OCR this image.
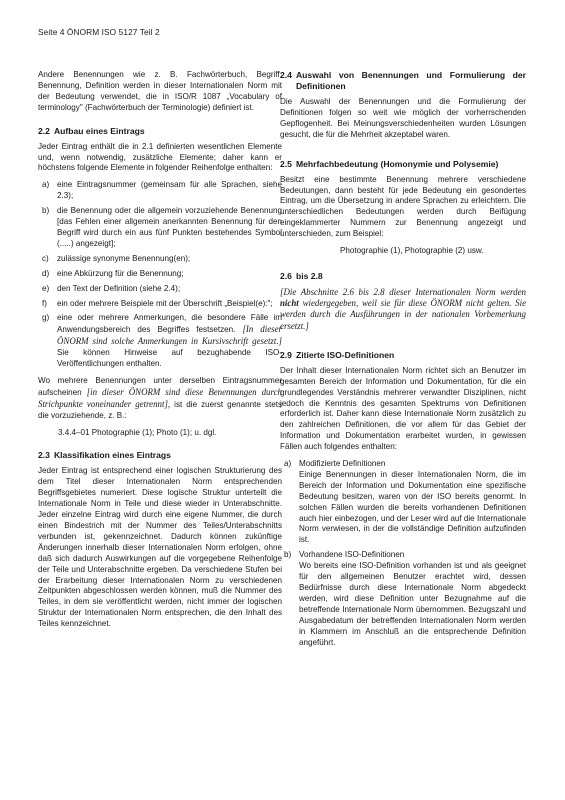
Seite 4 ÖNORM ISO 5127 Teil 2

Andere Benennungen wie z. B. Fachwörterbuch, Begriff, Benennung, Definition werden in dieser Internationalen Norm mit der Bedeutung verwendet, die in ISO/R 1087 „Vocabulary of terminology" (Fachwörterbuch der Terminologie) definiert ist.

2.2 Aufbau eines Eintrags

Jeder Eintrag enthält die in 2.1 definierten wesentlichen Elemente und, wenn notwendig, zusätzliche Elemente; daher kann er höchstens folgende Elemente in folgender Reihenfolge enthalten:

a) eine Eintragsnummer (gemeinsam für alle Sprachen, siehe 2.3);
b) die Benennung oder die allgemein vorzuziehende Benennung [das Fehlen einer allgemein anerkannten Benennung für den Begriff wird durch ein aus fünf Punkten bestehendes Symbol (.....) angezeigt];
c)	zulässige synonyme Benennung(en);
d) eine Abkürzung für die Benennung;
e) den Text der Definition (siehe 2.4);
f)	ein oder mehrere Beispiele mit der Überschrift „Beispiel(e):";
g) eine oder mehrere Anmerkungen, die besondere Fälle im Anwendungsbereich des Begriffes festsetzen. [In dieser ÖNORM sind solche Anmerkungen in Kursivschrift gesetzt.] Sie können Hinweise auf bezughabende ISO-Veröffentlichungen enthalten.

Wo mehrere Benennungen unter derselben Eintragsnummer aufscheinen [in dieser ÖNORM sind diese Benennungen durch Strichpunkte voneinander getrennt], ist die zuerst genannte stets die vorzuziehende, z. B.:

3.4.4–01 Photographie (1); Photo (1); u. dgl.
2.3 Klassifikation eines Eintrags

Jeder Eintrag ist entsprechend einer logischen Strukturierung des dem Titel dieser Internationalen Norm entsprechenden Begriffsgebietes numeriert. Diese logische Struktur unterteilt die Internationale Norm in Teile und diese wieder in Unterabschnitte. Jeder einzelne Eintrag wird durch eine eigene Nummer, die durch einen Bindestrich mit der Nummer des Teiles/Unterabschnitts verbunden ist, gekennzeichnet. Dadurch können zukünftige Änderungen innerhalb dieser Internationalen Norm erfolgen, ohne daß sich dadurch Auswirkungen auf die vorgegebene Reihenfolge der Teile und Unterabschnitte ergeben. Da verschiedene Stufen bei der Erarbeitung dieser Internationalen Norm zu verschiedenen Zeitpunkten abgeschlossen werden können, muß die Nummer des Teiles, in dem sie veröffentlicht werden, nicht immer der logischen Struktur der Internationalen Norm entsprechen, die den Inhalt des Teiles kennzeichnet.

2.4 Auswahl von Benennungen und Formulierung der Definitionen

Die Auswahl der Benennungen und die Formulierung der Definitionen folgen so weit wie möglich der vorherrschenden Gepflogenheit. Bei Meinungsverschiedenheiten wurden Lösungen gesucht, die für die Mehrheit akzeptabel waren.

2.5 Mehrfachbedeutung (Homonymie und Polysemie)

Besitzt eine bestimmte Benennung mehrere verschiedene Bedeutungen, dann besteht für jede Bedeutung ein gesondertes Eintrag, um die Übersetzung in andere Sprachen zu erleichtern. Die unterschiedlichen Bedeutungen werden durch Beifügung eingeklammerter Nummern zur Benennung angezeigt und unterschieden, zum Beispiel:

Photographie (1), Photographie (2) usw.
2.6 bis 2.8

[Die Abschnitte 2.6 bis 2.8 dieser Internationalen Norm werden nicht wiedergegeben, weil sie für diese ÖNORM nicht gelten. Sie werden durch die Ausführungen in der nationalen Vorbemerkung ersetzt.]

2.9 Zitierte ISO-Definitionen

Der Inhalt dieser Internationalen Norm richtet sich an Benutzer im gesamten Bereich der Information und Dokumentation, für die ein grundlegendes Verständnis mehrerer verwandter Disziplinen, nicht jedoch die Kenntnis des gesamten Spektrums von Definitionen erforderlich ist. Daher kann diese Internationale Norm zusätzlich zu den zahlreichen Definitionen, die vor allem für das Gebiet der Information und Dokumentation erarbeitet wurden, in gewissen Fällen auch folgendes enthalten:

a) Modifizierte Definitionen
Einige Benennungen in dieser Internationalen Norm, die im Bereich der Information und Dokumentation eine spezifische Bedeutung besitzen, waren von der ISO bereits genormt. In solchen Fällen wurden die bereits vorhandenen Definitionen auch hier einbezogen, und der Leser wird auf die Internationale Norm verwiesen, in der die vollständige Definition aufzufinden ist.
b) Vorhandene ISO-Definitionen
Wo bereits eine ISO-Definition vorhanden ist und als geeignet für den allgemeinen Benutzer erachtet wird, dessen Bedürfnisse durch diese Internationale Norm abgedeckt werden, wird diese Definition unter Bezugnahme auf die betreffende Internationale Norm übernommen. Bezugszahl und Ausgabedatum der betreffenden Internationalen Norm werden in Klammern im Anschluß an die entsprechende Definition angeführt.
